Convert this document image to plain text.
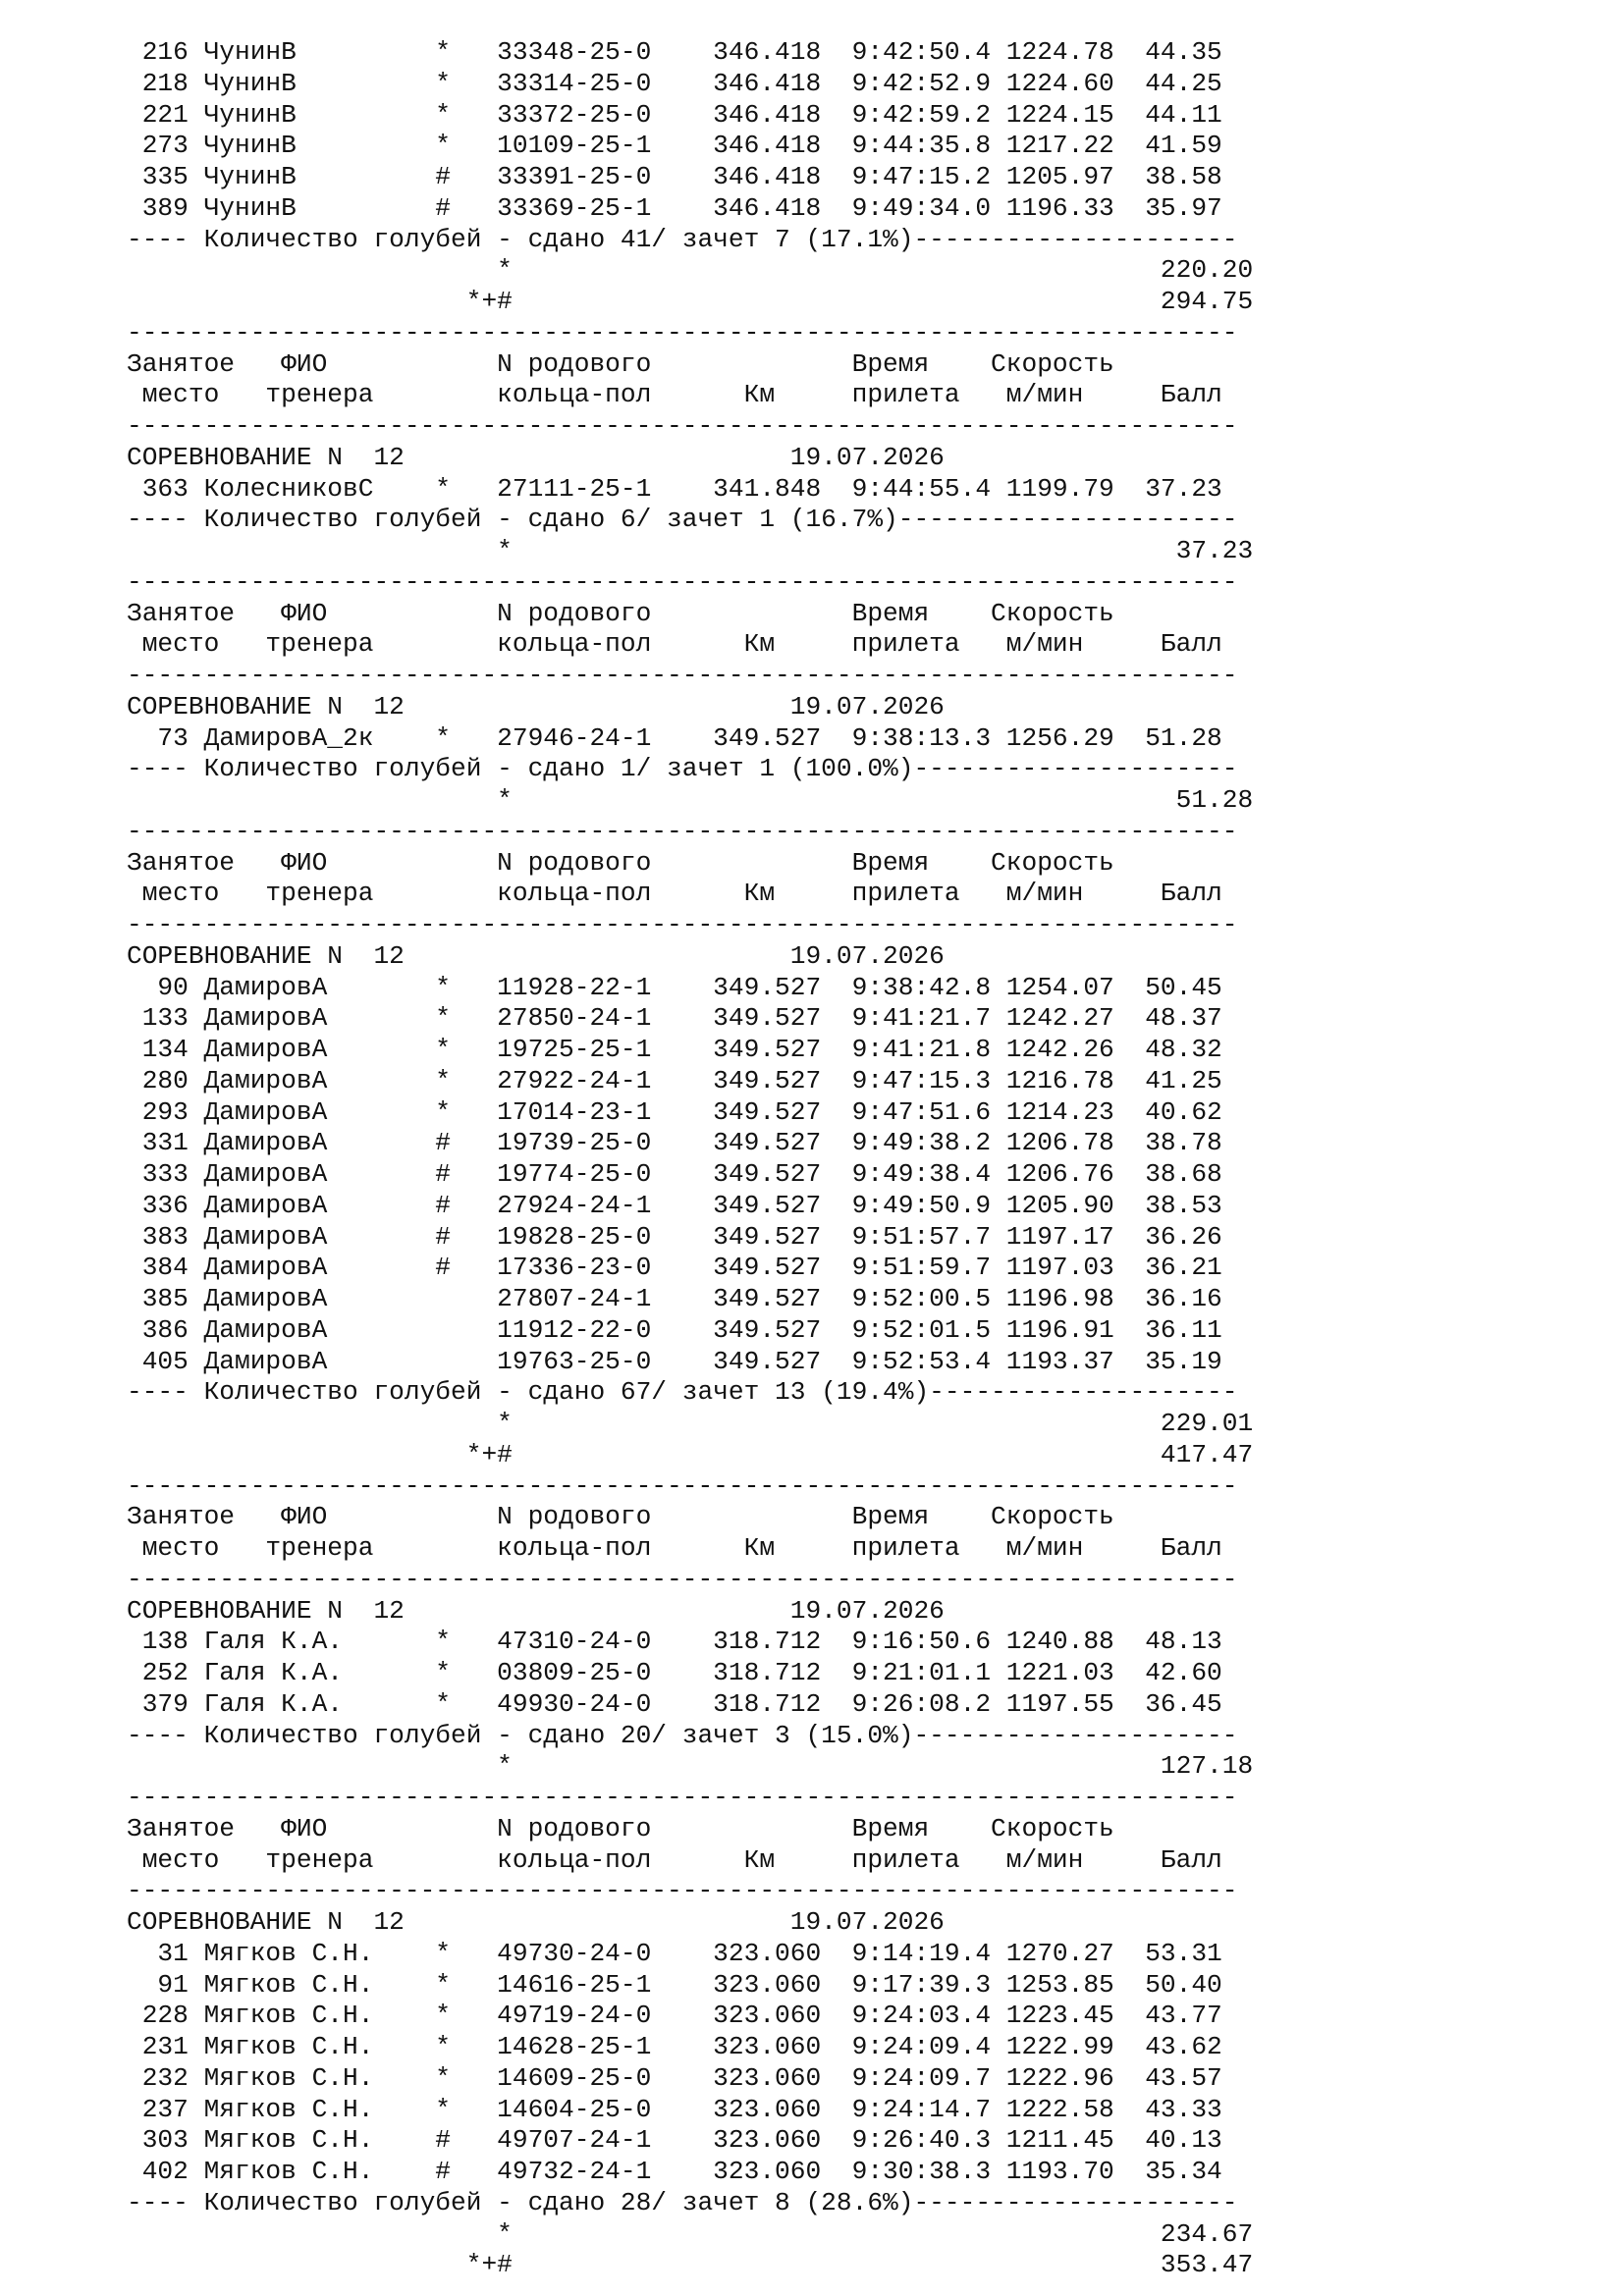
216 ЧунинВ         *   33348-25-0    346.418  9:42:50.4 1224.78  44.35
218 ЧунинВ         *   33314-25-0    346.418  9:42:52.9 1224.60  44.25
221 ЧунинВ         *   33372-25-0    346.418  9:42:59.2 1224.15  44.11
273 ЧунинВ         *   10109-25-1    346.418  9:44:35.8 1217.22  41.59
335 ЧунинВ         #   33391-25-0    346.418  9:47:15.2 1205.97  38.58
389 ЧунинВ         #   33369-25-1    346.418  9:49:34.0 1196.33  35.97
---- Количество голубей - сдано 41/ зачет 7 (17.1%)---------------------
*                                          220.20
*+#                                          294.75
------------------------------------------------------------------------
Занятое   ФИО           N родового             Время    Скорость
место   тренера        кольца-пол      Км     прилета   м/мин     Балл
------------------------------------------------------------------------
СОРЕВНОВАНИЕ N  12                         19.07.2026
363 КолесниковС    *   27111-25-1    341.848  9:44:55.4 1199.79  37.23
---- Количество голубей - сдано 6/ зачет 1 (16.7%)----------------------
*                                           37.23
------------------------------------------------------------------------
Занятое   ФИО           N родового             Время    Скорость
место   тренера        кольца-пол      Км     прилета   м/мин     Балл
------------------------------------------------------------------------
СОРЕВНОВАНИЕ N  12                         19.07.2026
73 ДамировА_2к    *   27946-24-1    349.527  9:38:13.3 1256.29  51.28
---- Количество голубей - сдано 1/ зачет 1 (100.0%)---------------------
*                                           51.28
------------------------------------------------------------------------
Занятое   ФИО           N родового             Время    Скорость
место   тренера        кольца-пол      Км     прилета   м/мин     Балл
------------------------------------------------------------------------
СОРЕВНОВАНИЕ N  12                         19.07.2026
90 ДамировА       *   11928-22-1    349.527  9:38:42.8 1254.07  50.45
133 ДамировА       *   27850-24-1    349.527  9:41:21.7 1242.27  48.37
134 ДамировА       *   19725-25-1    349.527  9:41:21.8 1242.26  48.32
280 ДамировА       *   27922-24-1    349.527  9:47:15.3 1216.78  41.25
293 ДамировА       *   17014-23-1    349.527  9:47:51.6 1214.23  40.62
331 ДамировА       #   19739-25-0    349.527  9:49:38.2 1206.78  38.78
333 ДамировА       #   19774-25-0    349.527  9:49:38.4 1206.76  38.68
336 ДамировА       #   27924-24-1    349.527  9:49:50.9 1205.90  38.53
383 ДамировА       #   19828-25-0    349.527  9:51:57.7 1197.17  36.26
384 ДамировА       #   17336-23-0    349.527  9:51:59.7 1197.03  36.21
385 ДамировА           27807-24-1    349.527  9:52:00.5 1196.98  36.16
386 ДамировА           11912-22-0    349.527  9:52:01.5 1196.91  36.11
405 ДамировА           19763-25-0    349.527  9:52:53.4 1193.37  35.19
---- Количество голубей - сдано 67/ зачет 13 (19.4%)--------------------
*                                          229.01
*+#                                          417.47
------------------------------------------------------------------------
Занятое   ФИО           N родового             Время    Скорость
место   тренера        кольца-пол      Км     прилета   м/мин     Балл
------------------------------------------------------------------------
СОРЕВНОВАНИЕ N  12                         19.07.2026
138 Галя К.А.      *   47310-24-0    318.712  9:16:50.6 1240.88  48.13
252 Галя К.А.      *   03809-25-0    318.712  9:21:01.1 1221.03  42.60
379 Галя К.А.      *   49930-24-0    318.712  9:26:08.2 1197.55  36.45
---- Количество голубей - сдано 20/ зачет 3 (15.0%)---------------------
*                                          127.18
------------------------------------------------------------------------
Занятое   ФИО           N родового             Время    Скорость
место   тренера        кольца-пол      Км     прилета   м/мин     Балл
------------------------------------------------------------------------
СОРЕВНОВАНИЕ N  12                         19.07.2026
31 Мягков С.Н.    *   49730-24-0    323.060  9:14:19.4 1270.27  53.31
91 Мягков С.Н.    *   14616-25-1    323.060  9:17:39.3 1253.85  50.40
228 Мягков С.Н.    *   49719-24-0    323.060  9:24:03.4 1223.45  43.77
231 Мягков С.Н.    *   14628-25-1    323.060  9:24:09.4 1222.99  43.62
232 Мягков С.Н.    *   14609-25-0    323.060  9:24:09.7 1222.96  43.57
237 Мягков С.Н.    *   14604-25-0    323.060  9:24:14.7 1222.58  43.33
303 Мягков С.Н.    #   49707-24-1    323.060  9:26:40.3 1211.45  40.13
402 Мягков С.Н.    #   49732-24-1    323.060  9:30:38.3 1193.70  35.34
---- Количество голубей - сдано 28/ зачет 8 (28.6%)---------------------
*                                          234.67
*+#                                          353.47
